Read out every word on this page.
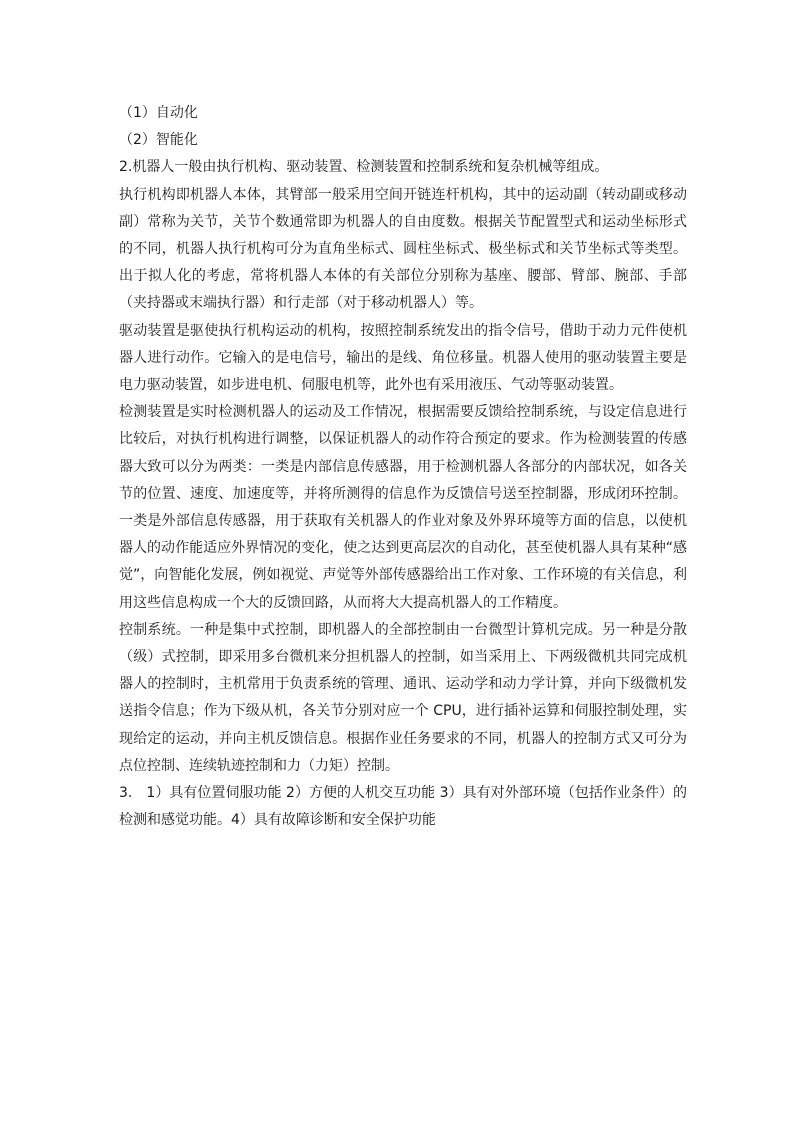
（1）自动化

（2）智能化

2.机器人一般由执行机构、驱动装置、检测装置和控制系统和复杂机械等组成。

执行机构即机器人本体，其臂部一般采用空间开链连杆机构，其中的运动副（转动副或移动副）常称为关节，关节个数通常即为机器人的自由度数。根据关节配置型式和运动坐标形式的不同，机器人执行机构可分为直角坐标式、圆柱坐标式、极坐标式和关节坐标式等类型。出于拟人化的考虑，常将机器人本体的有关部位分别称为基座、腰部、臂部、腕部、手部（夹持器或末端执行器）和行走部（对于移动机器人）等。

驱动装置是驱使执行机构运动的机构，按照控制系统发出的指令信号，借助于动力元件使机器人进行动作。它输入的是电信号，输出的是线、角位移量。机器人使用的驱动装置主要是电力驱动装置，如步进电机、伺服电机等，此外也有采用液压、气动等驱动装置。

检测装置是实时检测机器人的运动及工作情况，根据需要反馈给控制系统，与设定信息进行比较后，对执行机构进行调整，以保证机器人的动作符合预定的要求。作为检测装置的传感器大致可以分为两类：一类是内部信息传感器，用于检测机器人各部分的内部状况，如各关节的位置、速度、加速度等，并将所测得的信息作为反馈信号送至控制器，形成闭环控制。一类是外部信息传感器，用于获取有关机器人的作业对象及外界环境等方面的信息，以使机器人的动作能适应外界情况的变化，使之达到更高层次的自动化，甚至使机器人具有某种“感觉”，向智能化发展，例如视觉、声觉等外部传感器给出工作对象、工作环境的有关信息，利用这些信息构成一个大的反馈回路，从而将大大提高机器人的工作精度。

控制系统。一种是集中式控制，即机器人的全部控制由一台微型计算机完成。另一种是分散（级）式控制，即采用多台微机来分担机器人的控制，如当采用上、下两级微机共同完成机器人的控制时，主机常用于负责系统的管理、通讯、运动学和动力学计算，并向下级微机发送指令信息；作为下级从机，各关节分别对应一个 CPU，进行插补运算和伺服控制处理，实现给定的运动，并向主机反馈信息。根据作业任务要求的不同，机器人的控制方式又可分为点位控制、连续轨迹控制和力（力矩）控制。

3.　1）具有位置伺服功能 2）方便的人机交互功能 3）具有对外部环境（包括作业条件）的检测和感觉功能。4）具有故障诊断和安全保护功能
